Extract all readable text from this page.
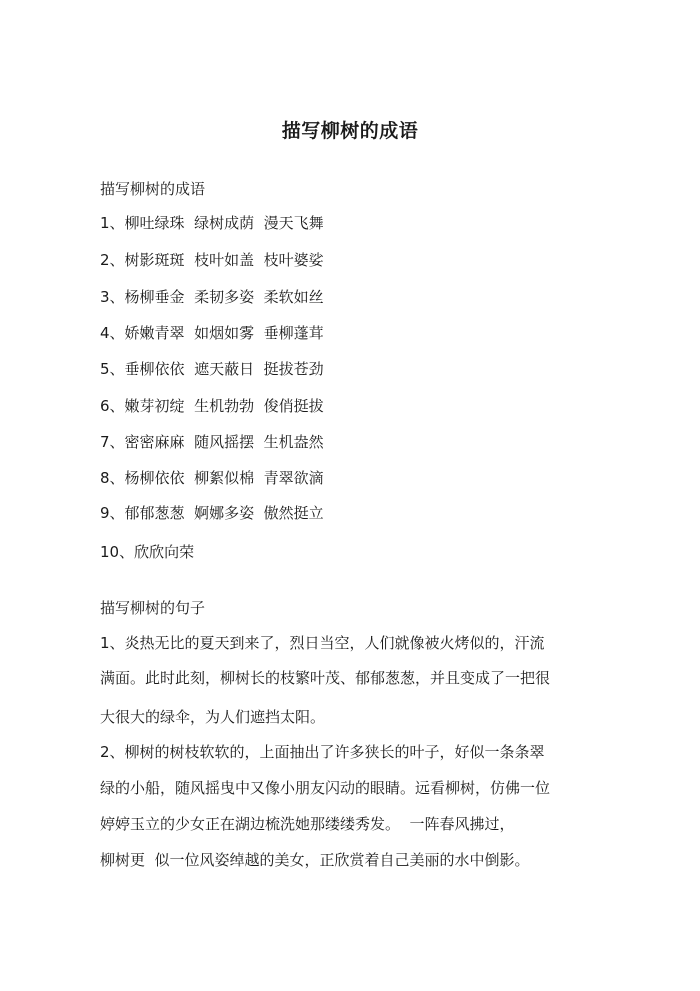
描写柳树的成语
描写柳树的成语
1、柳吐绿珠  绿树成荫  漫天飞舞
2、树影斑斑  枝叶如盖  枝叶婆娑
3、杨柳垂金  柔韧多姿  柔软如丝
4、娇嫩青翠  如烟如雾  垂柳蓬茸
5、垂柳依依  遮天蔽日  挺拔苍劲
6、嫩芽初绽  生机勃勃  俊俏挺拔
7、密密麻麻  随风摇摆  生机盎然
8、杨柳依依  柳絮似棉  青翠欲滴
9、郁郁葱葱  婀娜多姿  傲然挺立
10、欣欣向荣
描写柳树的句子
1、炎热无比的夏天到来了，烈日当空，人们就像被火烤似的，汗流
满面。此时此刻，柳树长的枝繁叶茂、郁郁葱葱，并且变成了一把很
大很大的绿伞，为人们遮挡太阳。
2、柳树的树枝软软的，上面抽出了许多狭长的叶子，好似一条条翠
绿的小船，随风摇曳中又像小朋友闪动的眼睛。远看柳树，仿佛一位
婷婷玉立的少女正在湖边梳洗她那缕缕秀发。  一阵春风拂过，
柳树更  似一位风姿绰越的美女，正欣赏着自己美丽的水中倒影。
